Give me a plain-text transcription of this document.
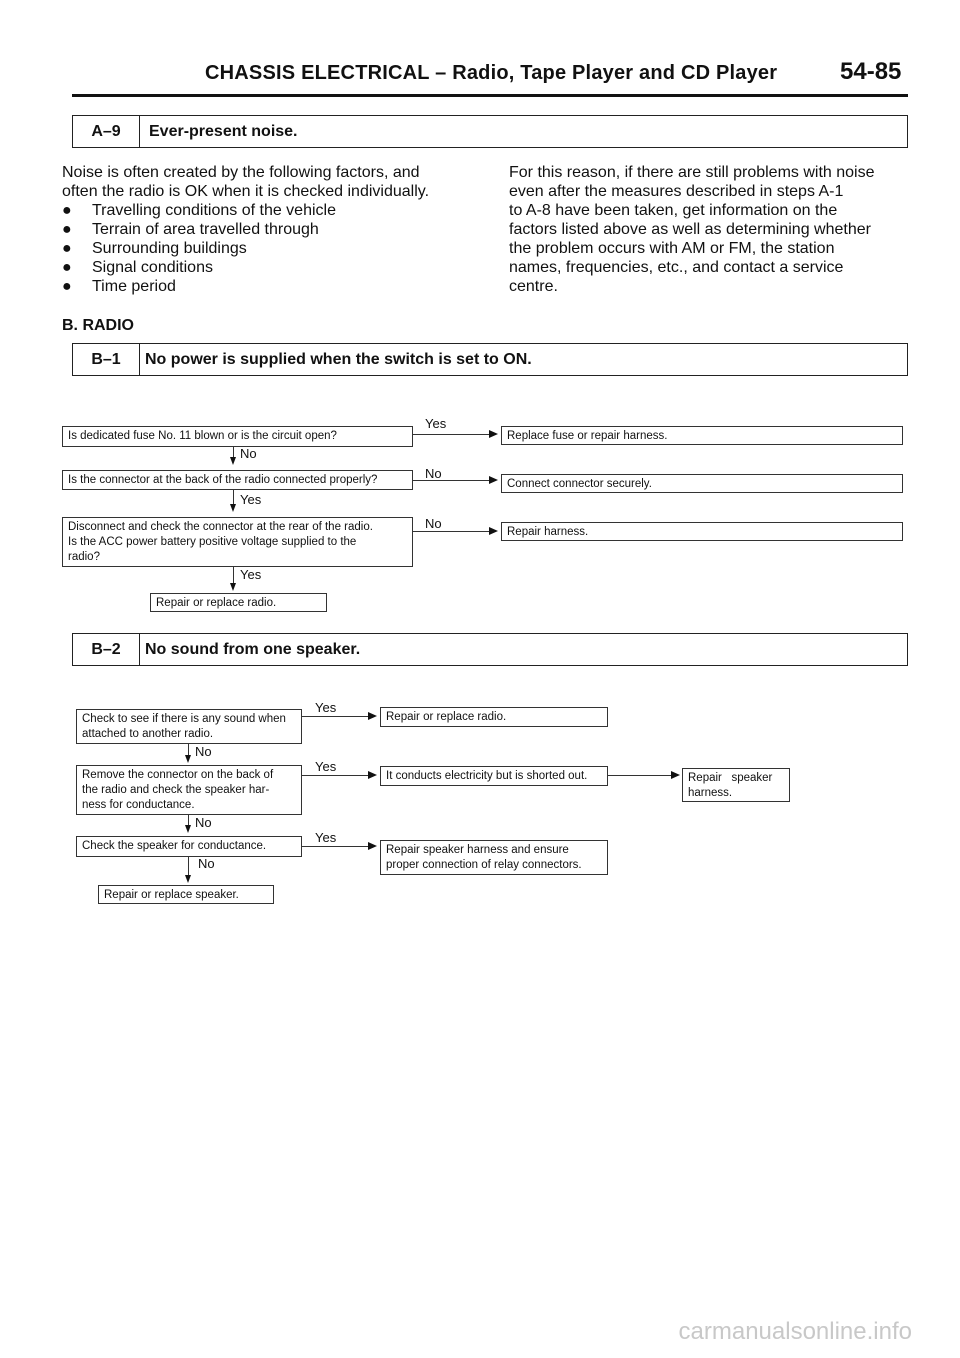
CHASSIS ELECTRICAL – Radio, Tape Player and CD Player	54-85
A–9	Ever-present noise.
Noise is often created by the following factors, and
often the radio is OK when it is checked individually.
● Travelling conditions of the vehicle
● Terrain of area travelled through
● Surrounding buildings
● Signal conditions
● Time period
For this reason, if there are still problems with noise
even after the measures described in steps A-1
to A-8 have been taken, get information on the
factors listed above as well as determining whether
the problem occurs with AM or FM, the station
names, frequencies, etc., and contact a service
centre.
B. RADIO
B–1	No power is supplied when the switch is set to ON.
Is dedicated fuse No. 11 blown or is the circuit open?
Yes
Replace fuse or repair harness.
No
Is the connector at the back of the radio connected properly?	No
Connect connector securely.
Yes
Disconnect and check the connector at the rear of the radio.
Is the ACC power battery positive voltage supplied to the
radio?
No
Repair harness.
Yes
Repair or replace radio.
B–2	No sound from one speaker.
Check to see if there is any sound when
attached to another radio.
Yes
Repair or replace radio.
No
Remove the connector on the back of
the radio and check the speaker har-
ness for conductance.
Yes
It conducts electricity but is shorted out.	Repair   speaker
harness.
No
Check the speaker for conductance.
Yes
Repair speaker harness and ensure
proper connection of relay connectors.
No
Repair or replace speaker.
carmanualsonline.info
